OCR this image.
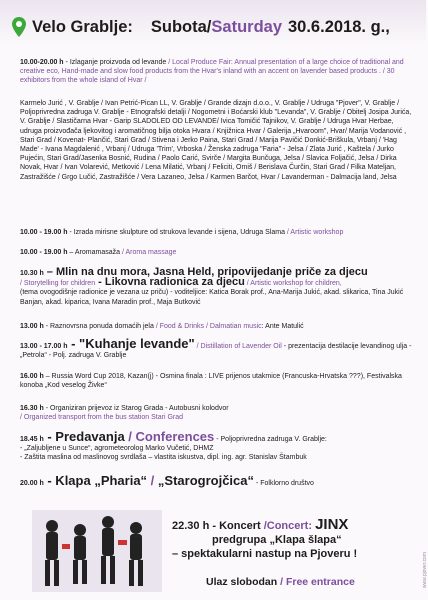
Velo Grablje: Subota / Saturday 30.6.2018. g.,
10.00-20.00 h - Izlaganje proizvoda od levande / Local Produce Fair: Annual presentation of a large choice of traditional and creative eco, Hand-made and slow food products from the Hvar's inland with an accent on lavender based products . / 30 exhibitors from the whole island of Hvar /
Karmelo Jurić , V. Grablje / Ivan Petrić-Pican LL, V. Grablje / Grande dizajn d.o.o., V. Grablje / Udruga "Pjover", V. Grablje / Poljoprivredna zadruga V. Grablje - Etnografski detalji / Nogometni i Boćarski klub "Levanda", V. Grablje / Obitelj Josipa Jurića, V. Grablje / Slastičarna Hvar - Garip SLADOLED OD LEVANDE/ Ivica Tomičić Tajnikov, V. Grablje / Udruga Hvar Herbae, udruga proizvođača ljekovitog i aromatičnog bilja otoka Hvara / Knjižnica Hvar / Galerija „Hvaroom", Hvar/ Marija Vodanović , Stari Grad / Kovenat- Plančić, Stari Grad / Stivena i Jerko Paina, Stari Grad / Marija Pavičić Donkić-Briškula, Vrbanj / 'Hag Made' - Ivana Magdalenić , Vrbanj / Udruga 'Trim', Vrboska / Ženska zadruga "Faria" - Jelsa / Zlata Jurić , Kaštela / Jurko Pujećin, Stari Grad/Jasenka Bosnić, Rudina / Paolo Carić, Svirče / Margita Bunčuga, Jelsa / Slavica Foljačić, Jelsa / Dirka Novak, Hvar / Ivan Volarević, Metković / Lena Milatić, Vrbanj / Feliciti, Omiš / Berislava Čurčin, Stari Grad / Filka Mateljan, Zastražišće / Grgo Lučić, Zastražišće / Vera Lazaneo, Jelsa / Karmen Barčot, Hvar / Lavanderman - Dalmacija land, Jelsa
10.00 - 19.00 h - Izrada mirisne skulpture od strukova levande i sijena, Udruga Slama / Artistic workshop
10.00 - 19.00 h – Aromamasaža / Aroma massage
10.30 h – Mlin na dnu mora, Jasna Held, pripovijedanje priče za djecu
/ Storytelling for children - Likovna radionica za djecu / Artistic workshop for children,
(tema ovogodišnje radionice je vezana uz priču) - voditeljice: Katica Borak prof., Ana-Marija Jukić, akad. slikarica, Tina Jukić Banjan, akad. kiparica, Ivana Maradin prof., Maja Butković
13.00 h - Raznovrsna ponuda domaćih jela / Food & Drinks / Dalmatian music: Ante Matulić
13.00 - 17.00 h - "Kuhanje levande" / Distillation of Lavender Oil - prezentacija destilacije levandinog ulja - „Petrola“ - Polj. zadruga V. Grablje
16.00 h – Russia Word Cup 2018, Kazan(j) - Osmina finala : LIVE prijenos utakmice (Francuska-Hrvatska ???), Festivalska konoba „Kod veselog Živke“
16.30 h - Organiziran prijevoz iz Starog Grada - Autobusni kolodvor
/ Organized transport from the bus station Stari Grad
18.45 h - Predavanja / Conferences - Poljoprivredna zadruga V. Grablje:
- „Zaljubljene u Sunce“, agrometeorolog Marko Vučetić, DHMZ
- Zaštita maslina od maslinovog svrdlaša – vlastita iskustva, dipl. ing. agr. Stanislav Štambuk
20.00 h - Klapa „Pharia“ / „Starogrojčica“ - Folklorno društvo
22.30 h - Koncert /Concert: JINX
predgrupa „Klapa šlapa“
– spektakularni nastup na Pjoveru !
Ulaz slobodan / Free entrance	www.pjover.com
